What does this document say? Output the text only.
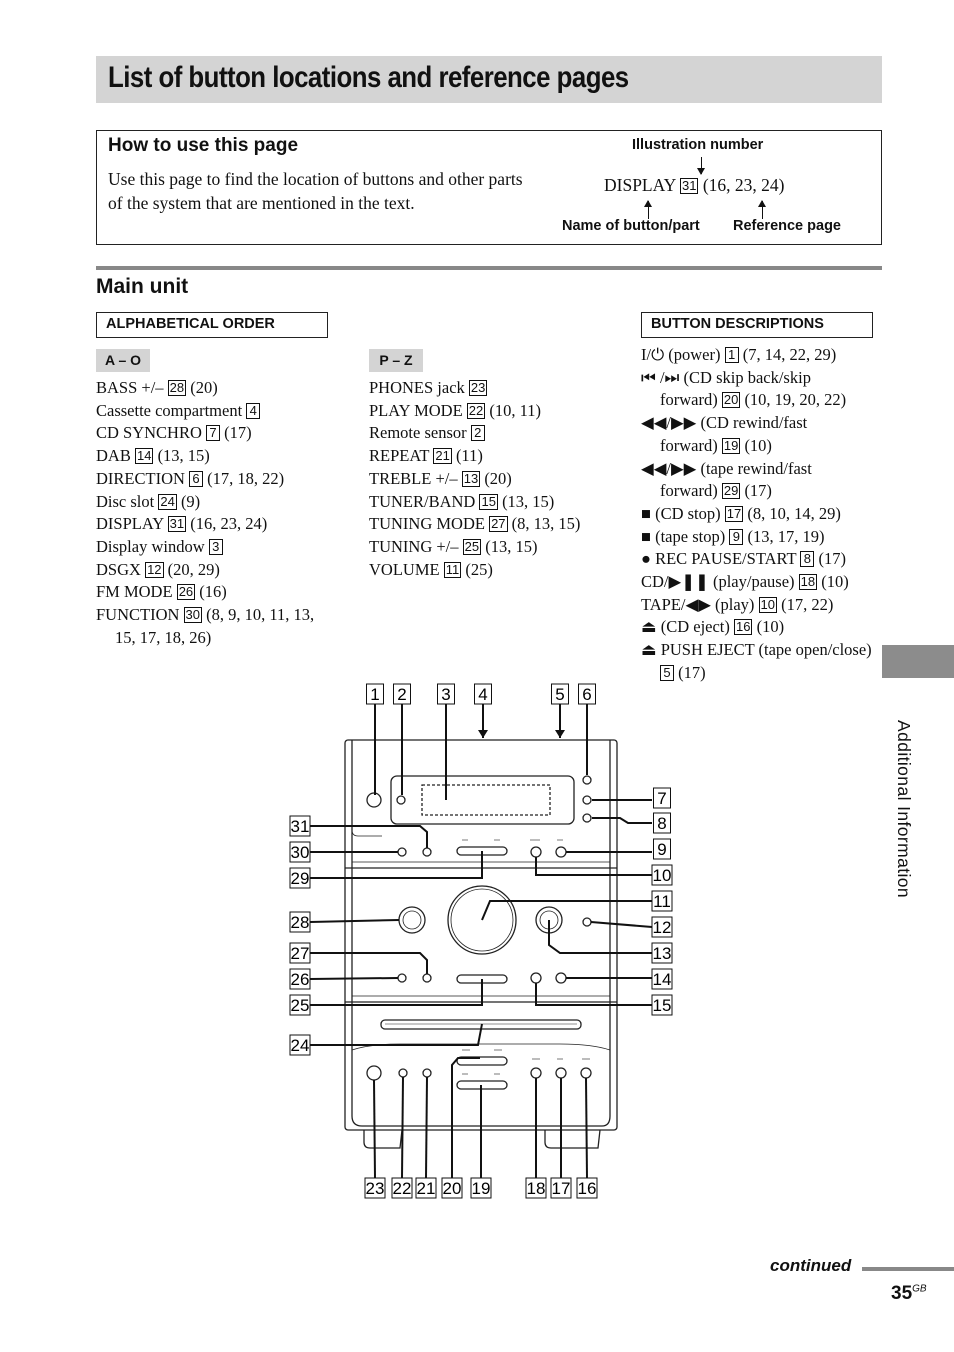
List of button locations and reference pages
How to use this page
Use this page to find the location of buttons and other parts of the system that are mentioned in the text.
Illustration number
DISPLAY 31 (16, 23, 24)
Name of button/part Reference page
Main unit
ALPHABETICAL ORDER	BUTTON DESCRIPTIONS
A – O	P – Z
BASS +/– 28 (20)
Cassette compartment 4
CD SYNCHRO 7 (17)
DAB 14 (13, 15)
DIRECTION 6 (17, 18, 22)
Disc slot 24 (9)
DISPLAY 31 (16, 23, 24)
Display window 3
DSGX 12 (20, 29)
FM MODE 26 (16)
FUNCTION 30 (8, 9, 10, 11, 13,
15, 17, 18, 26)
PHONES jack 23
PLAY MODE 22 (10, 11)
Remote sensor 2
REPEAT 21 (11)
TREBLE +/– 13 (20)
TUNER/BAND 15 (13, 15)
TUNING MODE 27 (8, 13, 15)
TUNING +/– 25 (13, 15)
VOLUME 11 (25)
I/⏻ (power) 1 (7, 14, 22, 29)
⏮ /⏭ (CD skip back/skip
forward) 20 (10, 19, 20, 22)
◀◀/▶▶ (CD rewind/fast
forward) 19 (10)
◀◀/▶▶ (tape rewind/fast
forward) 29 (17)
■ (CD stop) 17 (8, 10, 14, 29)
■ (tape stop) 9 (13, 17, 19)
● REC PAUSE/START 8 (17)
CD/▶❚❚ (play/pause) 18 (10)
TAPE/◀▶ (play) 10 (17, 22)
⏏ (CD eject) 16 (10)
⏏ PUSH EJECT (tape open/close)
5 (17)
Additional Information
1 2 3 4	5 6
7
8
9
10
11
12
13
14
15
31
30
29
28
27
26
25
24
23 22 21 20 19 18 17 16
continued
$35^{GB}$
